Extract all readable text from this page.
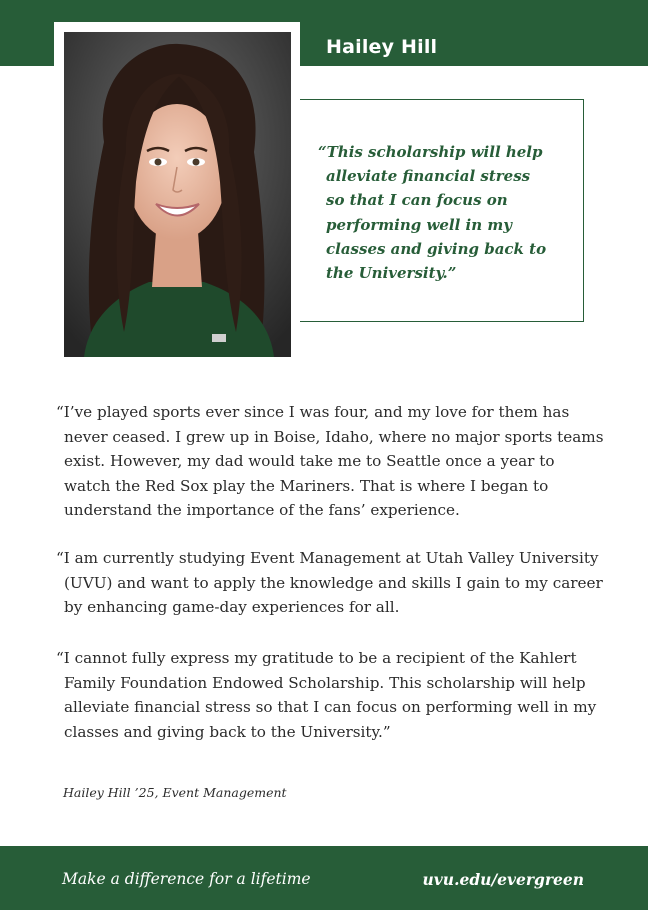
Hailey Hill

“This scholarship will help alleviate financial stress so that I can focus on performing well in my classes and giving back to the University.”

“I’ve played sports ever since I was four, and my love for them has never ceased. I grew up in Boise, Idaho, where no major sports teams exist. However, my dad would take me to Seattle once a year to watch the Red Sox play the Mariners. That is where I began to understand the importance of the fans’ experience.

“I am currently studying Event Management at Utah Valley University (UVU) and want to apply the knowledge and skills I gain to my career by enhancing game-day experiences for all.

“I cannot fully express my gratitude to be a recipient of the Kahlert Family Foundation Endowed Scholarship. This scholarship will help alleviate financial stress so that I can focus on performing well in my classes and giving back to the University.”

Hailey Hill ’25, Event Management
Make a difference for a lifetime	uvu.edu/evergreen
